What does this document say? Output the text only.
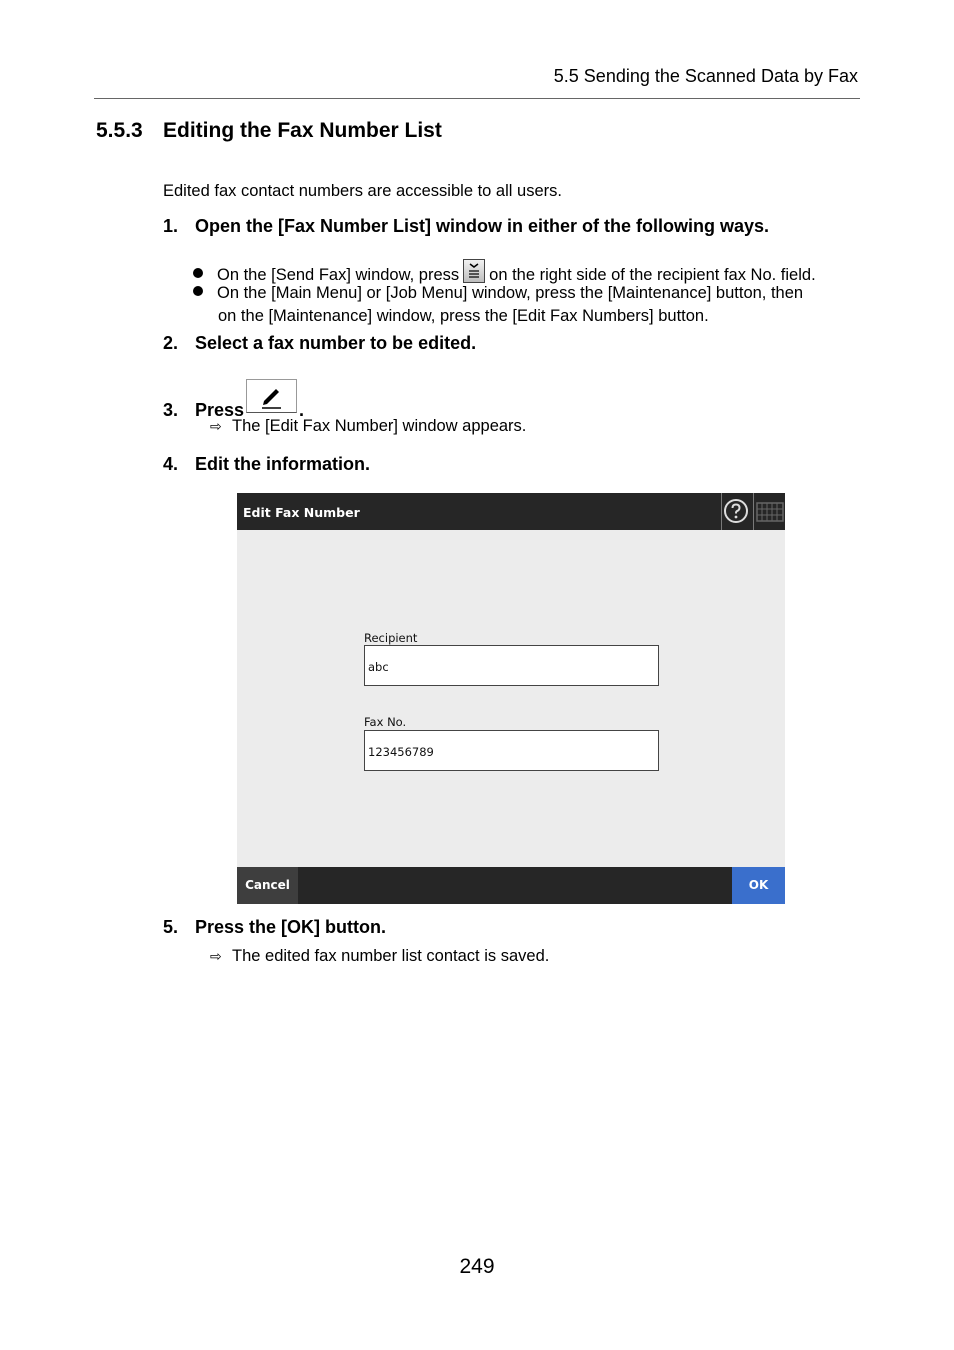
5.5 Sending the Scanned Data by Fax
5.5.3 Editing the Fax Number List
Edited fax contact numbers are accessible to all users.
1. Open the [Fax Number List] window in either of the following ways.
On the [Send Fax] window, press on the right side of the recipient fax No. field.
On the [Main Menu] or [Job Menu] window, press the [Maintenance] button, then
on the [Maintenance] window, press the [Edit Fax Numbers] button.
2. Select a fax number to be edited.
3. Press	.
⇨ The [Edit Fax Number] window appears.
4. Edit the information.
Edit Fax Number
Recipient
abc
Fax No.
123456789
Cancel	OK
5. Press the [OK] button.
⇨ The edited fax number list contact is saved.
249
